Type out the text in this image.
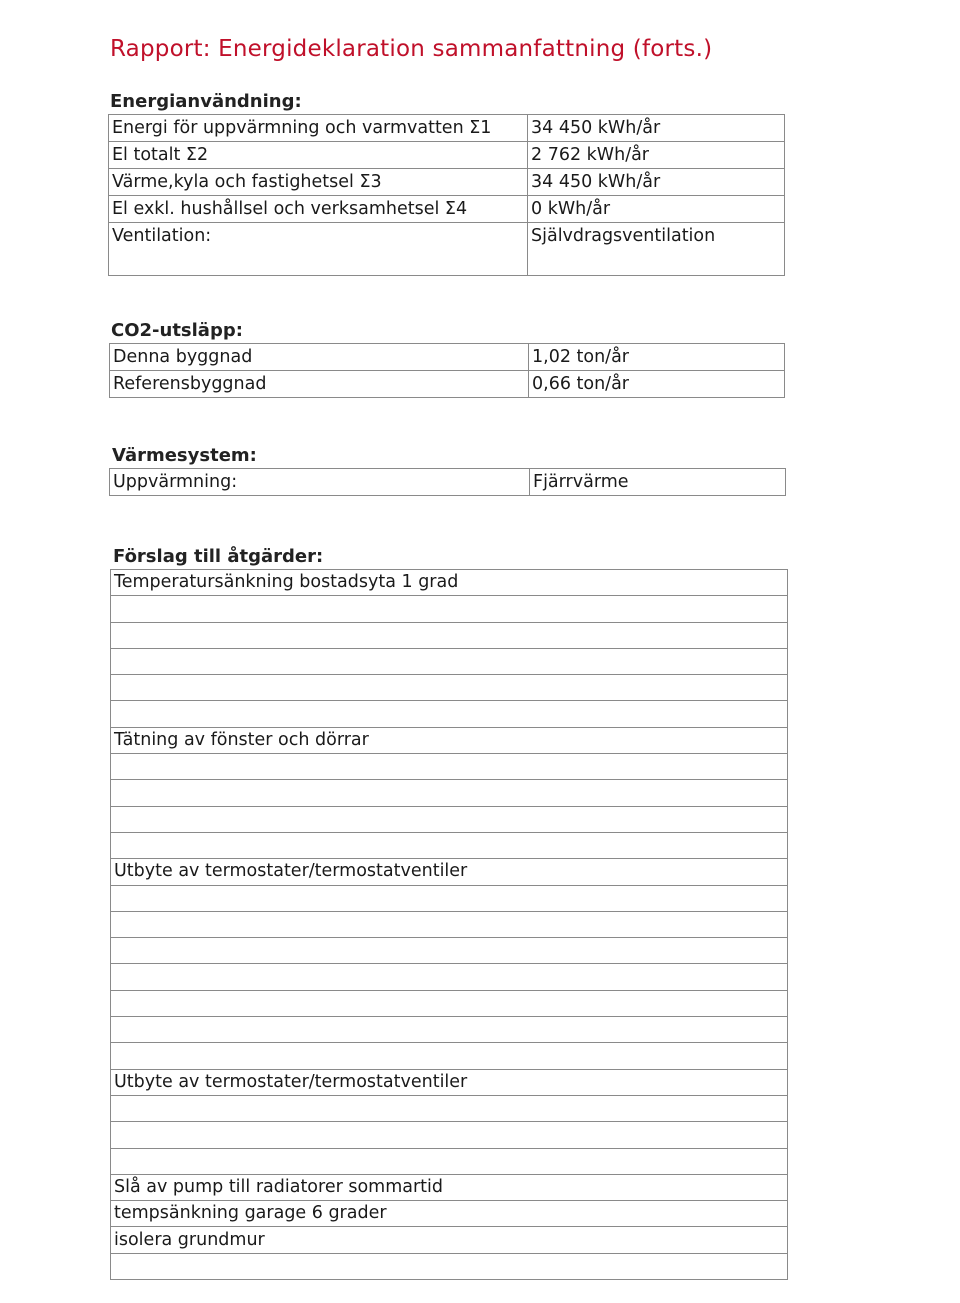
Rapport: Energideklaration sammanfattning (forts.)
Energianvändning:
Energi för uppvärmning och varmvatten Σ1	34 450 kWh/år
El totalt Σ2	2 762 kWh/år
Värme,kyla och fastighetsel Σ3	34 450 kWh/år
El exkl. hushållsel och verksamhetsel Σ4	0 kWh/år
Ventilation:	Självdragsventilation
CO2-utsläpp:
Denna byggnad	1,02 ton/år
Referensbyggnad	0,66 ton/år
Värmesystem:
Uppvärmning:	Fjärrvärme
Förslag till åtgärder:
Temperatursänkning bostadsyta 1 grad

Tätning av fönster och dörrar

Utbyte av termostater/termostatventiler

Utbyte av termostater/termostatventiler

Slå av pump till radiatorer sommartid
tempsänkning garage 6 grader
isolera grundmur
